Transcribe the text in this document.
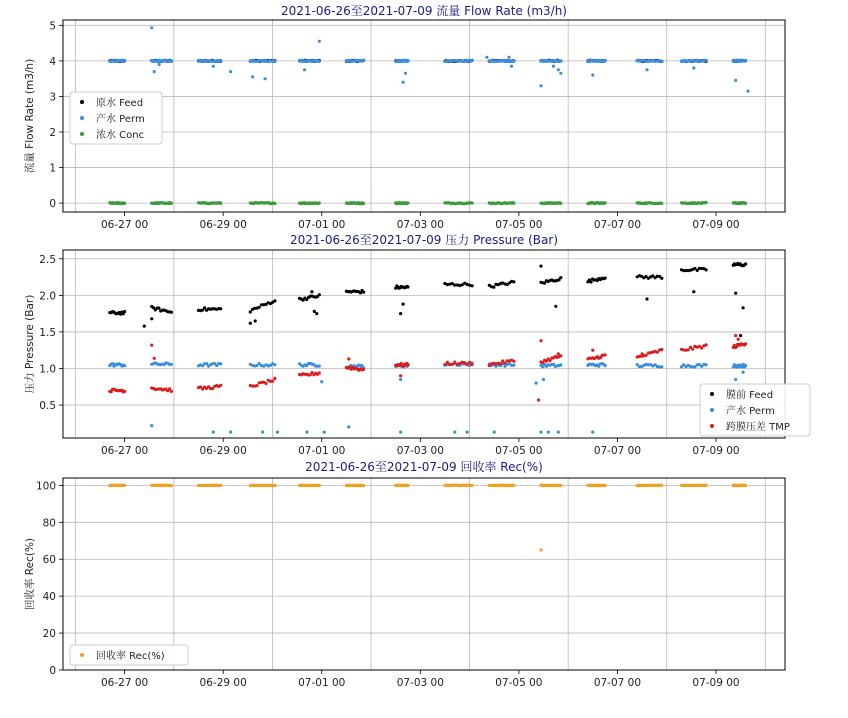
2021-06-26至2021-07-09 流量 Flow Rate (m3/h)
0
1
2
3
4
5
06-27 00	06-29 00	07-01 00	07-03 00	07-05 00	07-07 00	07-09 00
流量 Flow Rate (m3/h)	原水 Feed
产水 Perm
浓水 Conc
2021-06-26至2021-07-09 压力 Pressure (Bar)
0.5
1.0
1.5
2.0
2.5
06-27 00	06-29 00	07-01 00	07-03 00	07-05 00	07-07 00	07-09 00
压力 Pressure (Bar)
膜前 Feed
产水 Perm
跨膜压差 TMP
2021-06-26至2021-07-09 回收率 Rec(%)
0
20
40
60
80
100
06-27 00	06-29 00	07-01 00	07-03 00	07-05 00	07-07 00	07-09 00
回收率 Rec(%)
回收率 Rec(%)
